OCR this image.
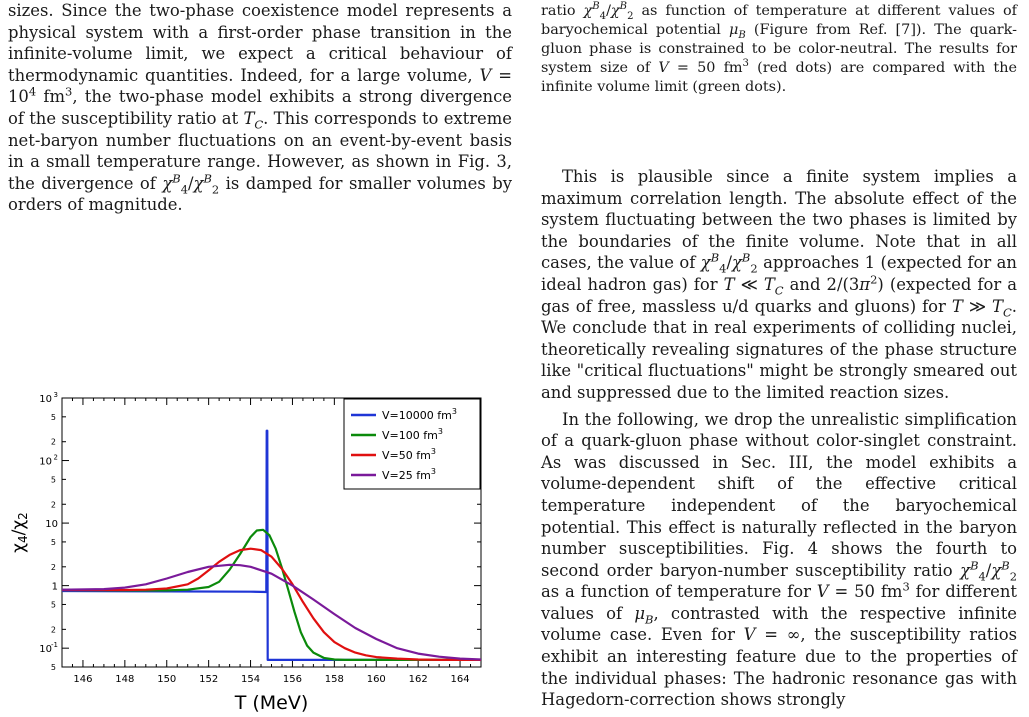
sizes. Since the two-phase coexistence model represents a physical system with a first-order phase transition in the infinite-volume limit, we expect a critical behaviour of thermodynamic quantities. Indeed, for a large volume, $V = 10^4$ $fm^3$, the two-phase model exhibits a strong divergence of the susceptibility ratio at $T_C$. This corresponds to extreme net-baryon number fluctuations on an event-by-event basis in a small temperature range. However, as shown in Fig. 3, the divergence of $\chi^B_4/\chi^B_2$ is damped for smaller volumes by orders of magnitude.

ratio $\chi^B_4/\chi^B_2$ as function of temperature at different values of baryochemical potential $\mu_B$ (Figure from Ref. [7]). The quark-gluon phase is constrained to be color-neutral. The results for system size of V = 50 $fm^3$ (red dots) are compared with the infinite volume limit (green dots).

This is plausible since a finite system implies a maximum correlation length. The absolute effect of the system fluctuating between the two phases is limited by the boundaries of the finite volume. Note that in all cases, the value of $\chi^B_4/\chi^B_2$ approaches 1 (expected for an ideal hadron gas) for T ≪ $T_C$ and $2/(3\pi^2)$ (expected for a gas of free, massless u/d quarks and gluons) for T ≫ $T_C$. We conclude that in real experiments of colliding nuclei, theoretically revealing signatures of the phase structure like "critical fluctuations" might be strongly smeared out and suppressed due to the limited reaction sizes.

In the following, we drop the unrealistic simplification of a quark-gluon phase without color-singlet constraint. As was discussed in Sec. III, the model exhibits a volume-dependent shift of the effective critical temperature independent of the baryochemical potential. This effect is naturally reflected in the baryon number susceptibilities. Fig. 4 shows the fourth to second order baryon-number susceptibility ratio $\chi^B_4/\chi^B_2$ as a function of temperature for V = 50 $fm^3$ for different values of $\mu_B$, contrasted with the respective infinite volume case. Even for V = ∞, the susceptibility ratios exhibit an interesting feature due to the properties of the individual phases: The hadronic resonance gas with Hagedorn-correction shows strongly

10 -1
1
10
10 2
10 3
5
2
5
2
5
2
5
2
5
146 148 150 152 154 156 158 160 162 164
V=10000 $fm^3$
V=100 $fm^3$
V=50 $fm^3$
V=25 $fm^3$
χ4/χ2
T (MeV)
